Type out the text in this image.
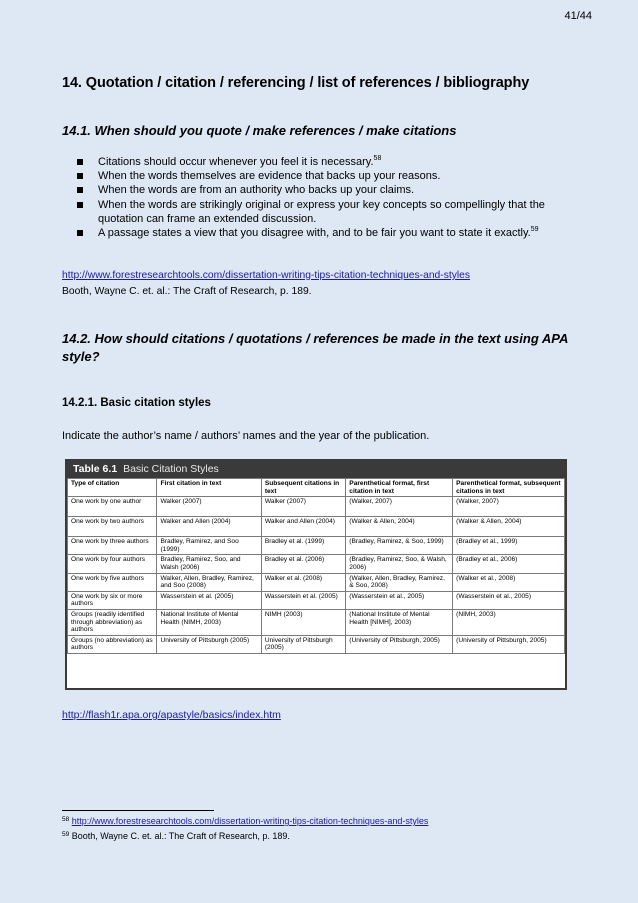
41/44
14. Quotation / citation / referencing / list of references / bibliography
14.1. When should you quote / make references / make citations
Citations should occur whenever you feel it is necessary.$^{58}$
When the words themselves are evidence that backs up your reasons.
When the words are from an authority who backs up your claims.
When the words are strikingly original or express your key concepts so compellingly that the quotation can frame an extended discussion.
A passage states a view that you disagree with, and to be fair you want to state it exactly.$^{59}$
http://www.forestresearchtools.com/dissertation-writing-tips-citation-techniques-and-styles
Booth, Wayne C. et. al.: The Craft of Research, p. 189.
14.2. How should citations / quotations / references be made in the text using APA style?
14.2.1. Basic citation styles
Indicate the author’s name / authors’ names and the year of the publication.
Table 6.1 Basic Citation Styles
Type of citation	First citation in text	Subsequent citations in text	Parenthetical format, first citation in text	Parenthetical format, subsequent citations in text
One work by one author	Walker (2007)	Walker (2007)	(Walker, 2007)	(Walker, 2007)
One work by two authors	Walker and Allen (2004)	Walker and Allen (2004)	(Walker & Allen, 2004)	(Walker & Allen, 2004)
One work by three authors	Bradley, Ramirez, and Soo (1999)	Bradley et al. (1999)	(Bradley, Ramirez, & Soo, 1999)	(Bradley et al., 1999)
One work by four authors	Bradley, Ramirez, Soo, and Walsh (2006)	Bradley et al. (2006)	(Bradley, Ramirez, Soo, & Walsh, 2006)	(Bradley et al., 2006)
One work by five authors	Walker, Allen, Bradley, Ramirez, and Soo (2008)	Walker et al. (2008)	(Walker, Allen, Bradley, Ramirez, & Soo, 2008)	(Walker et al., 2008)
One work by six or more authors	Wasserstein et al. (2005)	Wasserstein et al. (2005)	(Wasserstein et al., 2005)	(Wasserstein et al., 2005)
Groups (readily identified through abbreviation) as authors	National Institute of Mental Health (NIMH, 2003)	NIMH (2003)	(National Institute of Mental Health [NIMH], 2003)	(NIMH, 2003)
Groups (no abbreviation) as authors	University of Pittsburgh (2005)	University of Pittsburgh (2005)	(University of Pittsburgh, 2005)	(University of Pittsburgh, 2005)
http://flash1r.apa.org/apastyle/basics/index.htm
$^{58}$ http://www.forestresearchtools.com/dissertation-writing-tips-citation-techniques-and-styles
$^{59}$ Booth, Wayne C. et. al.: The Craft of Research, p. 189.
